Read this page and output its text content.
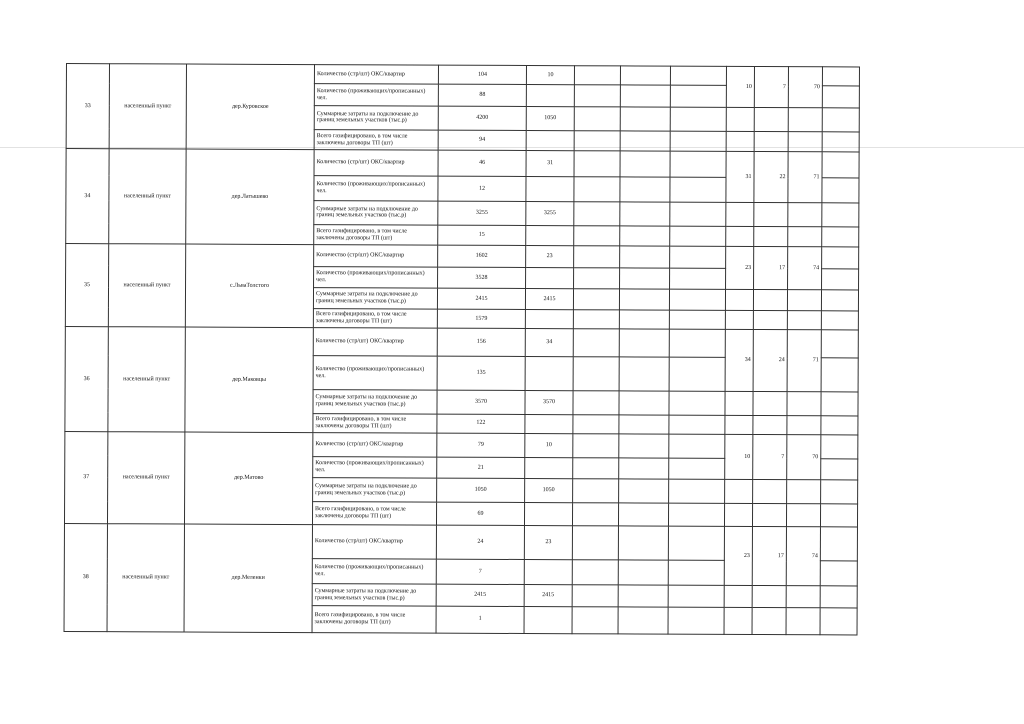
33	населенный пункт	дер.Куровское	Количество (стр/шт) ОКС/квартир	104	10				10	7	70	
			Количество (проживающих/прописанных) чел.	88								
			Суммарные затраты на подключение до границ земельных участков (тыс.р)	4200	1050							
			Всего газифицировано, в том числе заключены договоры ТП (шт)	94								
34	населенный пункт	дер.Латышево	Количество (стр/шт) ОКС/квартир	46	31				31	22	71	
			Количество (проживающих/прописанных) чел.	12								
			Суммарные затраты на подключение до границ земельных участков (тыс.р)	3255	3255							
			Всего газифицировано, в том числе заключены договоры ТП (шт)	15								
35	населенный пункт	с.ЛьваТолстого	Количество (стр/шт) ОКС/квартир	1602	23				23	17	74	
			Количество (проживающих/прописанных) чел.	3528								
			Суммарные затраты на подключение до границ земельных участков (тыс.р)	2415	2415							
			Всего газифицировано, в том числе заключены договоры ТП (шт)	1579								
36	населенный пункт	дер.Маковцы	Количество (стр/шт) ОКС/квартир	156	34				34	24	71	
			Количество (проживающих/прописанных) чел.	135								
			Суммарные затраты на подключение до границ земельных участков (тыс.р)	3570	3570							
			Всего газифицировано, в том числе заключены договоры ТП (шт)	122								
37	населенный пункт	дер.Матово	Количество (стр/шт) ОКС/квартир	79	10				10	7	70	
			Количество (проживающих/прописанных) чел.	21								
			Суммарные затраты на подключение до границ земельных участков (тыс.р)	1050	1050							
			Всего газифицировано, в том числе заключены договоры ТП (шт)	69								
38	населенный пункт	дер.Меленки	Количество (стр/шт) ОКС/квартир	24	23				23	17	74	
			Количество (проживающих/прописанных) чел.	7								
			Суммарные затраты на подключение до границ земельных участков (тыс.р)	2415	2415							
			Всего газифицировано, в том числе заключены договоры ТП (шт)	1								
